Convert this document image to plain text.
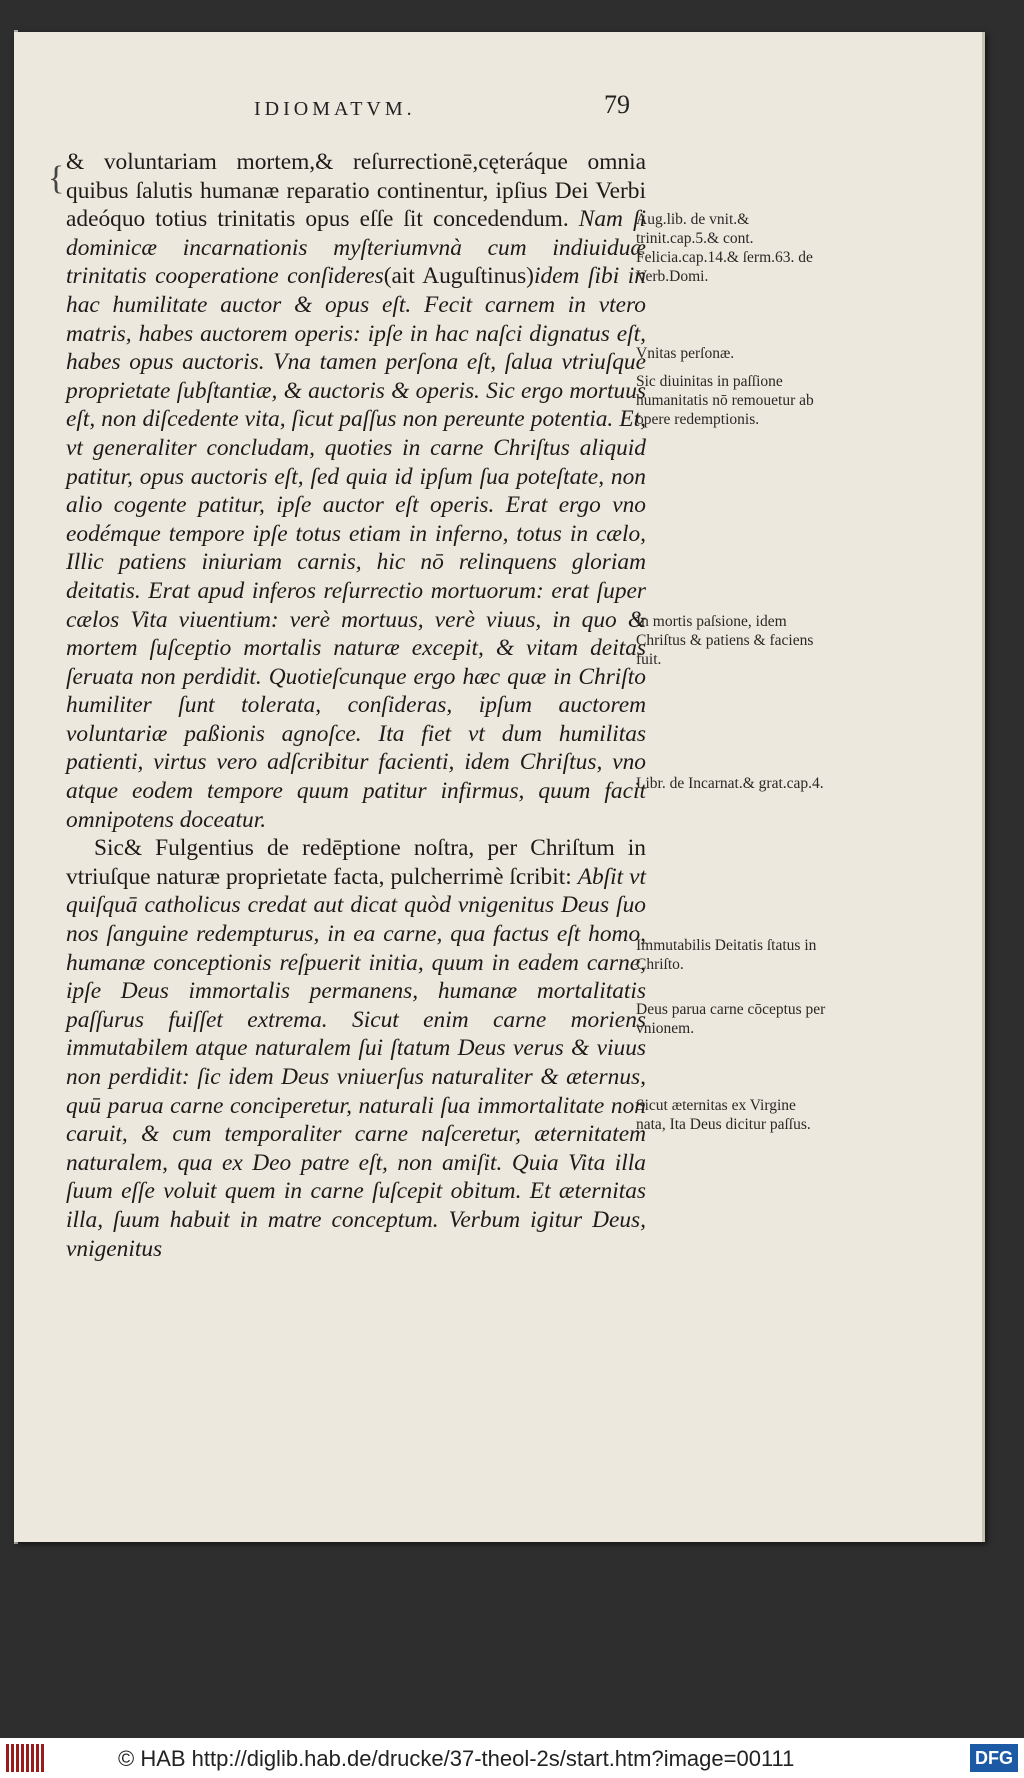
IDIOMATVM.	79
{ & voluntariam mortem,& reſurrectionē,cęteráque omnia quibus ſalutis humanæ reparatio continentur, ipſius Dei Verbi adeóquo totius trinitatis opus eſſe ſit concedendum. Nam ſi dominicæ incarnationis myſteriumvnà cum indiuiduæ trinitatis cooperatione conſideres(ait Auguſtinus)idem ſibi in hac humilitate auctor & opus eſt. Fecit carnem in vtero matris, habes auctorem operis: ipſe in hac naſci dignatus eſt, habes opus auctoris. Vna tamen perſona eſt, ſalua vtriuſque proprietate ſubſtantiæ, & auctoris & operis. Sic ergo mortuus eſt, non diſcedente vita, ſicut paſſus non pereunte potentia. Et, vt generaliter concludam, quoties in carne Chriſtus aliquid patitur, opus auctoris eſt, ſed quia id ipſum ſua poteſtate, non alio cogente patitur, ipſe auctor eſt operis. Erat ergo vno eodémque tempore ipſe totus etiam in inferno, totus in cælo, Illic patiens iniuriam carnis, hic nō relinquens gloriam deitatis. Erat apud inferos reſurrectio mortuorum: erat ſuper cælos Vita viuentium: verè mortuus, verè viuus, in quo & mortem ſuſceptio mortalis naturæ excepit, & vitam deitas ſeruata non perdidit. Quotieſcunque ergo hæc quæ in Chriſto humiliter ſunt tolerata, conſideras, ipſum auctorem voluntariæ paßionis agnoſce. Ita fiet vt dum humilitas patienti, virtus vero adſcribitur facienti, idem Chriſtus, vno atque eodem tempore quum patitur infirmus, quum facit omnipotens doceatur.

Sic& Fulgentius de redēptione noſtra, per Chriſtum in vtriuſque naturæ proprietate facta, pulcherrimè ſcribit: Abſit vt quiſquā catholicus credat aut dicat quòd vnigenitus Deus ſuo nos ſanguine redempturus, in ea carne, qua factus eſt homo, humanæ conceptionis reſpuerit initia, quum in eadem carne, ipſe Deus immortalis permanens, humanæ mortalitatis paſſurus fuiſſet extrema. Sicut enim carne moriens immutabilem atque naturalem ſui ſtatum Deus verus & viuus non perdidit: ſic idem Deus vniuerſus naturaliter & æternus, quū parua carne conciperetur, naturali ſua immortalitate non caruit, & cum temporaliter carne naſceretur, æternitatem naturalem, qua ex Deo patre eſt, non amiſit. Quia Vita illa ſuum eſſe voluit quem in carne ſuſcepit obitum. Et æternitas illa, ſuum habuit in matre conceptum. Verbum igitur Deus, vnigenitus

Aug.lib. de vnit.& trinit.cap.5.& cont. Felicia.cap.14.& ſerm.63. de Verb.Domi.
Vnitas perſonæ.
Sic diuinitas in paſſione humanitatis nō remouetur ab opere redemptionis.
In mortis paſsione, idem Chriſtus & patiens & faciens fuit.
Libr. de Incarnat.& grat.cap.4.
Immutabilis Deitatis ſtatus in Chriſto.
Deus parua carne cōceptus per vnionem.
Sicut æternitas ex Virgine nata, Ita Deus dicitur paſſus.
© HAB http://diglib.hab.de/drucke/37-theol-2s/start.htm?image=00111	DFG
